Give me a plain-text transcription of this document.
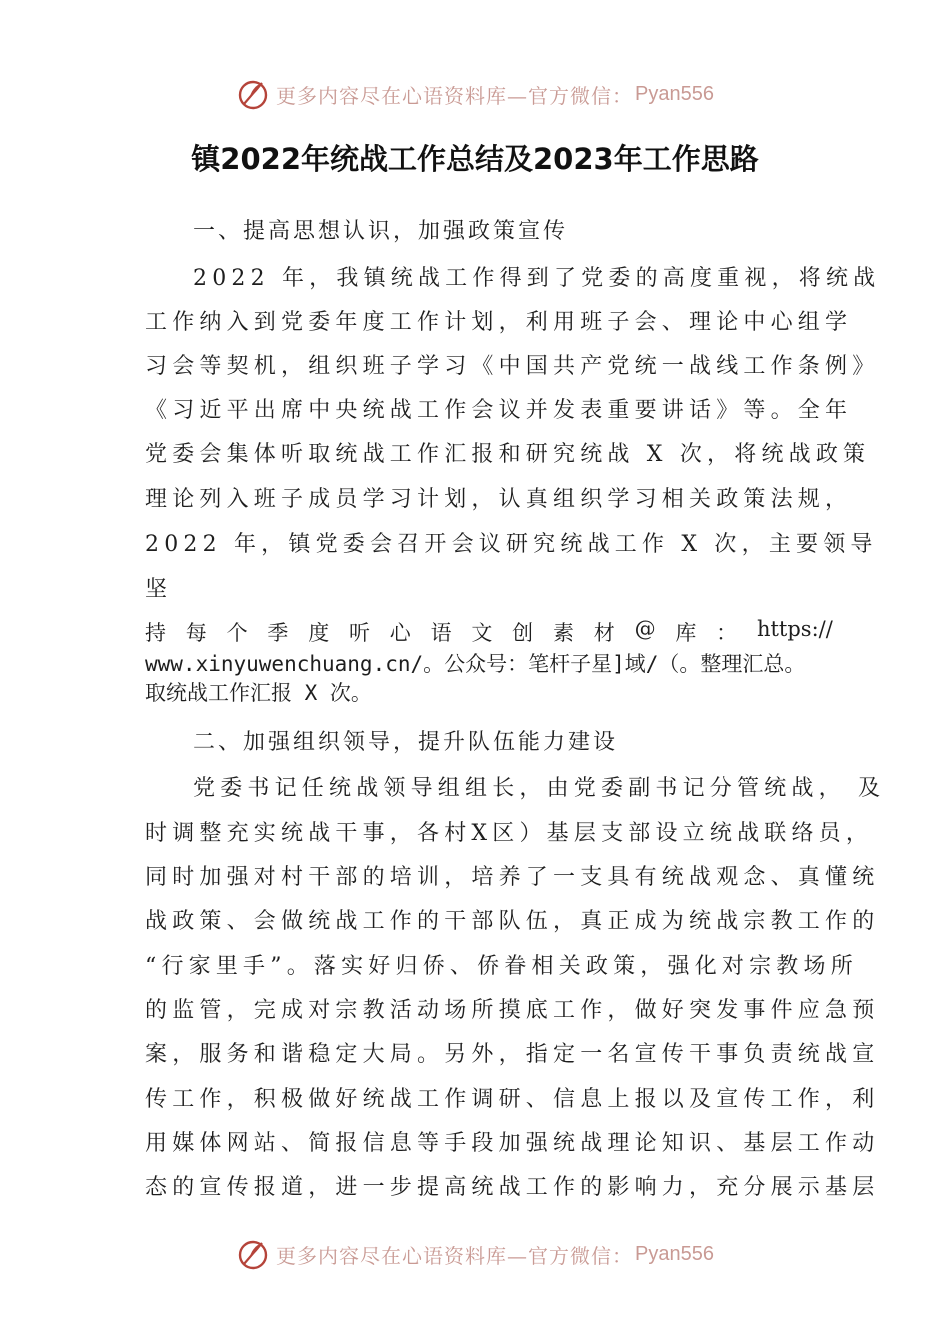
更多内容尽在心语资料库—官方微信： Pyan556
镇2022年统战工作总结及2023年工作思路
一、提高思想认识，加强政策宣传
2022 年，我镇统战工作得到了党委的高度重视，将统战
工作纳入到党委年度工作计划，利用班子会、理论中心组学
习会等契机，组织班子学习《中国共产党统一战线工作条例》
《习近平出席中央统战工作会议并发表重要讲话》等。全年
党委会集体听取统战工作汇报和研究统战 X 次，将统战政策
理论列入班子成员学习计划，认真组织学习相关政策法规，
2022 年，镇党委会召开会议研究统战工作 X 次，主要领导
坚
持 每 个 季 度 听 心 语 文 创 素 材 @ 库 ： https://
www.xinyuwenchuang.cn/。公众号：笔杆子星]域/（。整理汇总。
取统战工作汇报 X 次。
二、加强组织领导，提升队伍能力建设
党委书记任统战领导组组长，由党委副书记分管统战， 及
时调整充实统战干事，各村X区）基层支部设立统战联络员，
同时加强对村干部的培训，培养了一支具有统战观念、真懂统
战政策、会做统战工作的干部队伍，真正成为统战宗教工作的
“行家里手”。落实好归侨、侨眷相关政策，强化对宗教场所
的监管，完成对宗教活动场所摸底工作，做好突发事件应急预
案，服务和谐稳定大局。另外，指定一名宣传干事负责统战宣
传工作，积极做好统战工作调研、信息上报以及宣传工作，利
用媒体网站、简报信息等手段加强统战理论知识、基层工作动
态的宣传报道，进一步提高统战工作的影响力，充分展示基层
更多内容尽在心语资料库—官方微信： Pyan556
